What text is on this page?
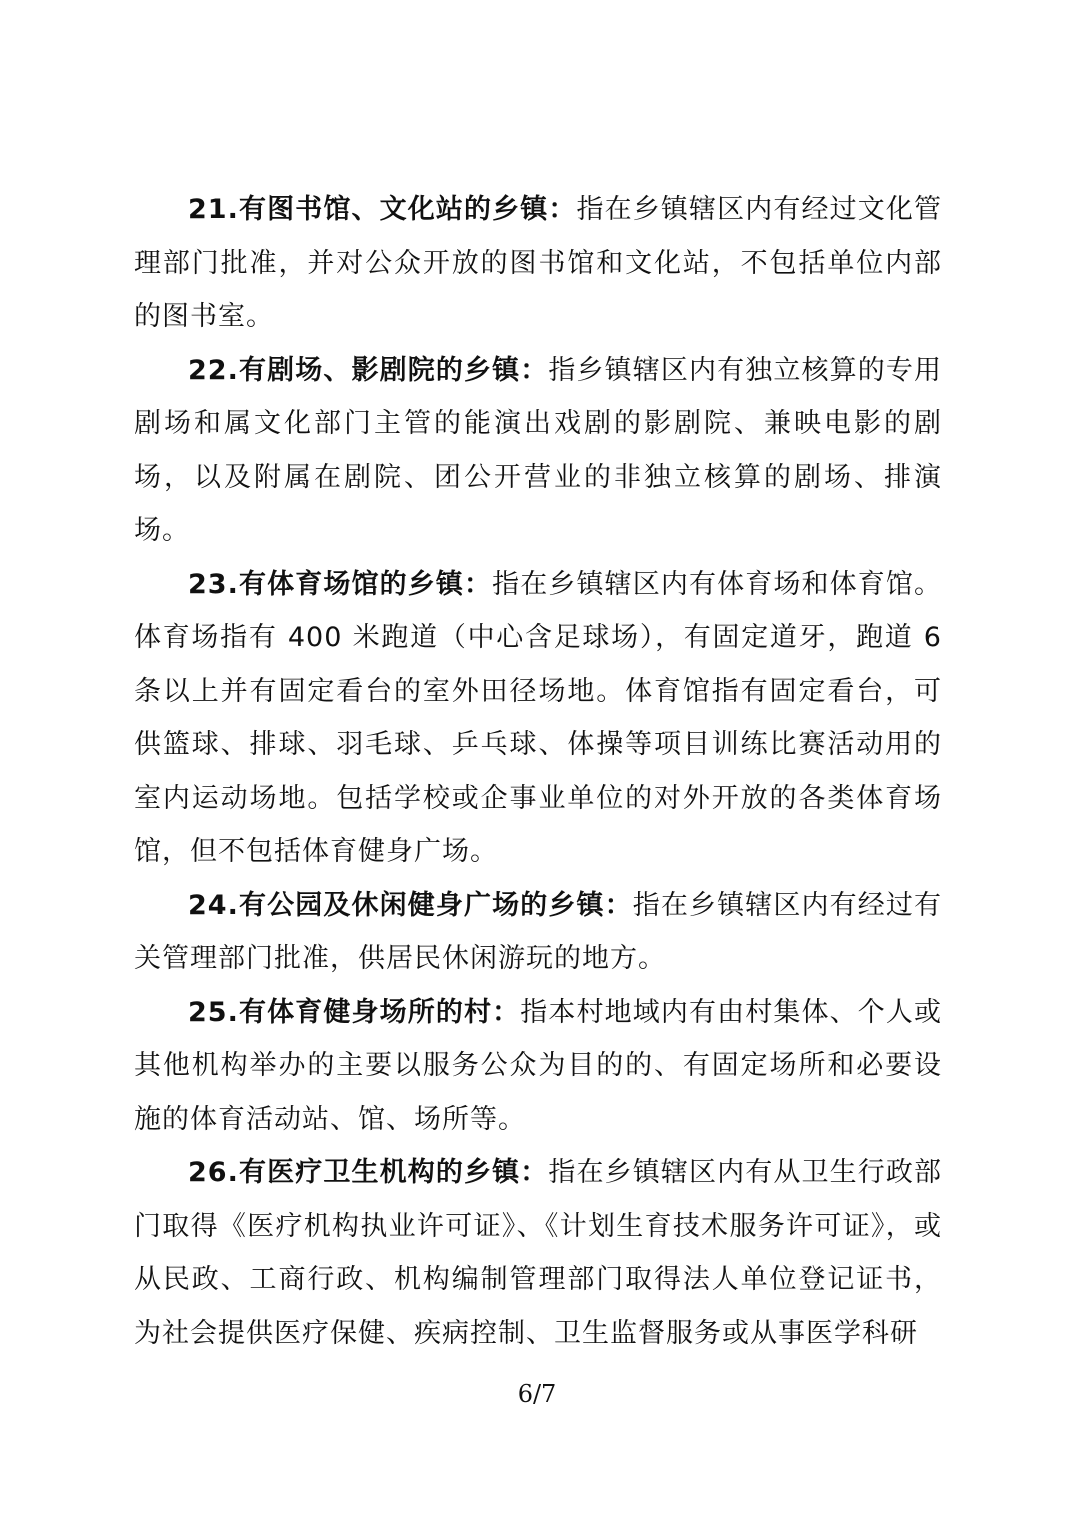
21.有图书馆、文化站的乡镇：指在乡镇辖区内有经过文化管理部门批准，并对公众开放的图书馆和文化站，不包括单位内部的图书室。

22.有剧场、影剧院的乡镇：指乡镇辖区内有独立核算的专用剧场和属文化部门主管的能演出戏剧的影剧院、兼映电影的剧场，以及附属在剧院、团公开营业的非独立核算的剧场、排演场。

23.有体育场馆的乡镇：指在乡镇辖区内有体育场和体育馆。体育场指有 400 米跑道（中心含足球场），有固定道牙，跑道 6 条以上并有固定看台的室外田径场地。体育馆指有固定看台，可供篮球、排球、羽毛球、乒乓球、体操等项目训练比赛活动用的室内运动场地。包括学校或企事业单位的对外开放的各类体育场馆，但不包括体育健身广场。

24.有公园及休闲健身广场的乡镇：指在乡镇辖区内有经过有关管理部门批准，供居民休闲游玩的地方。

25.有体育健身场所的村：指本村地域内有由村集体、个人或其他机构举办的主要以服务公众为目的的、有固定场所和必要设施的体育活动站、馆、场所等。

26.有医疗卫生机构的乡镇：指在乡镇辖区内有从卫生行政部门取得《医疗机构执业许可证》、《计划生育技术服务许可证》，或从民政、工商行政、机构编制管理部门取得法人单位登记证书，为社会提供医疗保健、疾病控制、卫生监督服务或从事医学科研

6/7
